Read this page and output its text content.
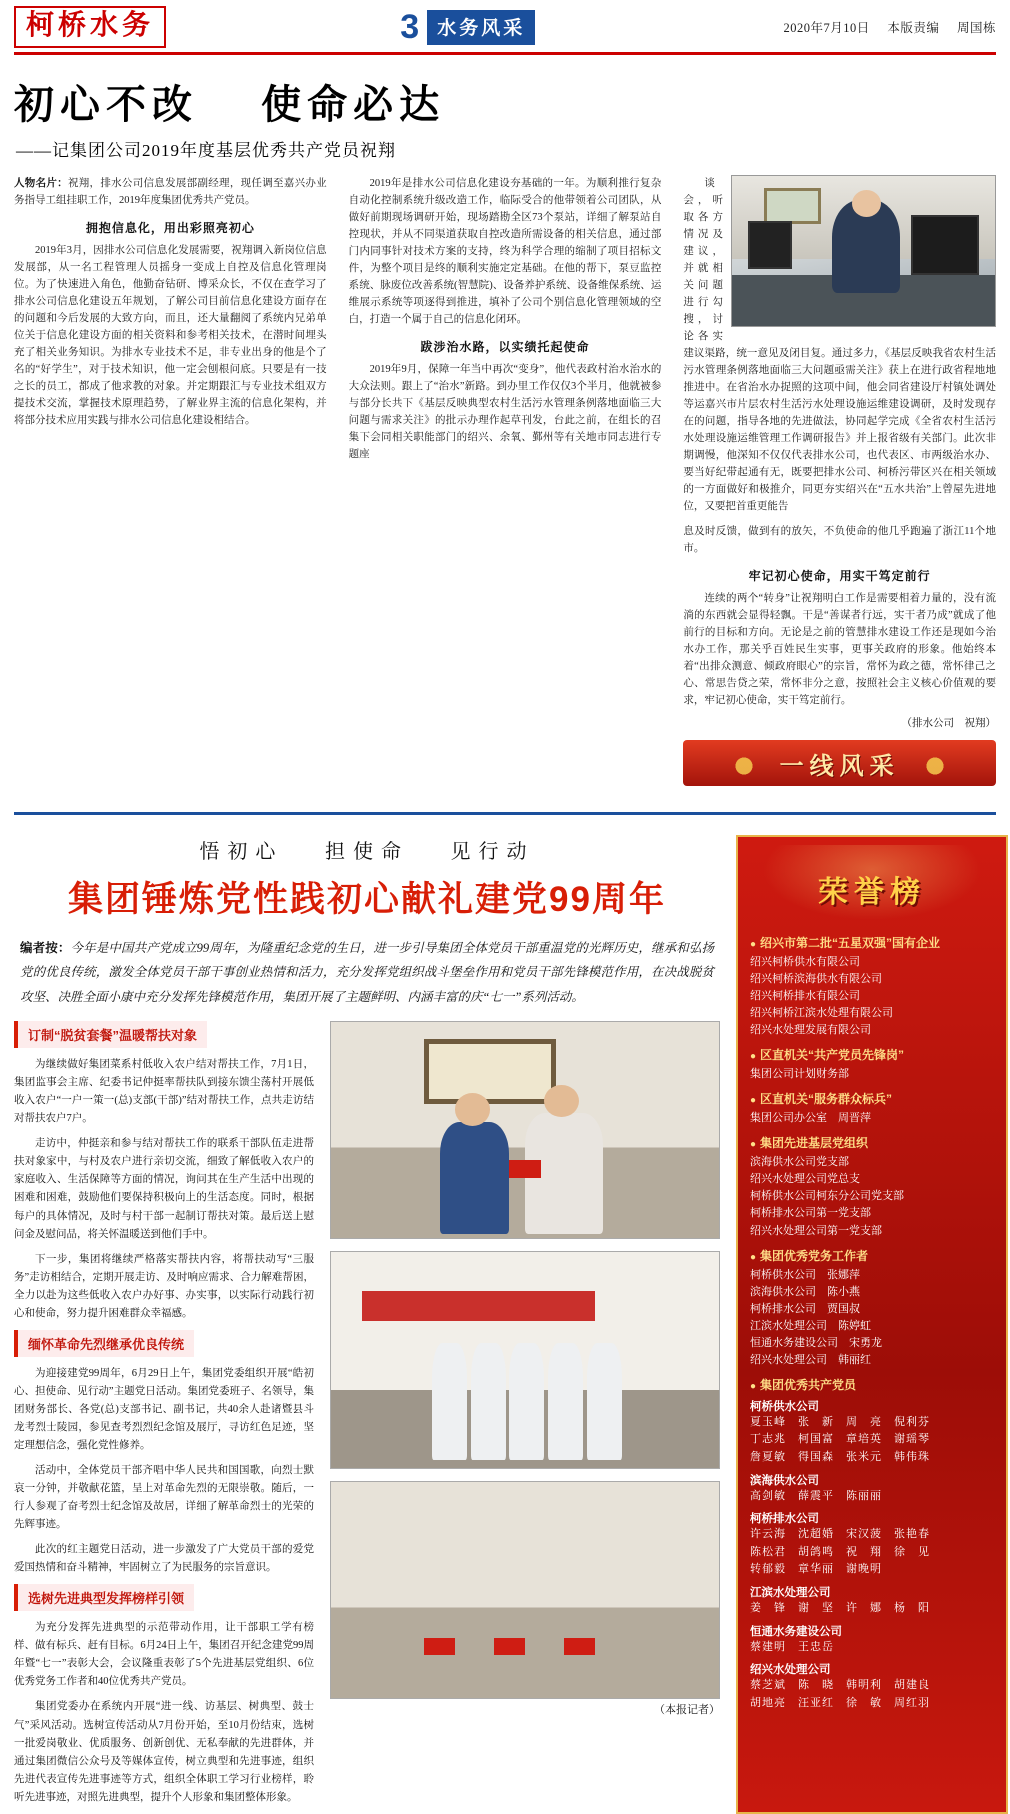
柯桥水务	3 水务风采	2020年7月10日 本版责编 周国栋
初心不改　 使命必达
——记集团公司2019年度基层优秀共产党员祝翔

人物名片：祝翔，排水公司信息发展部副经理，现任调至嘉兴办业务指导工组挂职工作，2019年度集团优秀共产党员。

拥抱信息化，用出彩照亮初心

2019年3月，因排水公司信息化发展需要，祝翔调入新岗位信息发展部，从一名工程管理人员摇身一变成上自控及信息化管理岗位。为了快速进入角色，他勤奋钻研、博采众长，不仅在查学习了排水公司信息化建设五年规划，了解公司目前信息化建设方面存在的问题和今后发展的大致方向，而且，还大量翻阅了系统内兄弟单位关于信息化建设方面的相关资料和参考相关技术，在潜时间埋头充了相关业务知识。为排水专业技术不足，非专业出身的他是个了名的“好学生”，对于技术知识，他一定会刨根问底。只要是有一技之长的员工，都成了他求教的对象。并定期跟汇与专业技术组双方提技术交流，掌握技术原理趋势，了解业界主流的信息化架构，并将部分技术应用实践与排水公司信息化建设相结合。

2019年是排水公司信息化建设夯基础的一年。为顺利推行复杂自动化控制系统升级改造工作，临际受合的他带领着公司团队，从做好前期现场调研开始，现场踏勘全区73个泵站，详细了解泵站自控现状，并从不同渠道获取自控改造所需设备的相关信息，通过部门内同事针对技术方案的支持，终为科学合理的缩制了项目招标文件，为整个项目是终的顺利实施定定基础。在他的帮下，泵豆监控系统、脉废位改善系统(智慧院)、设备养护系统、设备维保系统、运维展示系统等项逐得到推进，填补了公司个别信息化管理领域的空白，打造一个属于自己的信息化闭环。

跋涉治水路，以实绩托起使命

2019年9月，保障一年当中再次“变身”，他代表政村治水治水的大众法则。跟上了“治水”新路。到办里工作仅仅3个半月，他就被参与部分长共下《基层反映典型农村生活污水管理条例落地面临三大问题与需求关注》的批示办理作起草刊发，台此之前，在组长的召集下会同相关职能部门的绍兴、余氧、鄞州等有关地市同志进行专题座

谈会，听取各方情况及建议，并就相关问题进行勾搜，讨论各实建议渠路，统一意见及闭目复。通过多力，《基层反映我省农村生活污水管理条例落地面临三大问题亟需关注》获上在进行政省程地地推进中。在省治水办捉照的这项中间，他会同省建设厅村镇处调处等运嘉兴市片层农村生活污水处理设施运维建设调研，及时发现存在的问题，指导各地的先进做法，协同起学完成《全省农村生活污水处理设施运维管理工作调研报告》并上报省级有关部门。此次非期调慢，他深知不仅仅代表排水公司，也代表区、市两级治水办、要当好纪带起通有无，既要把排水公司、柯桥污带区兴在相关领域的一方面做好和极推介，同更夯实绍兴在“五水共治”上曾屋先进地位，又要把首重更能告

息及时反馈，做到有的放矢，不负使命的他几乎跑遍了浙江11个地市。

牢记初心使命，用实干笃定前行

连续的两个“转身”让祝翔明白工作是需要相着力量的，没有流淌的东西就会显得轻飘。干是“善谋者行远，实干者乃成”就成了他前行的目标和方向。无论是之前的管慧排水建设工作还是现如今治水办工作，那关乎百姓民生实事，更事关政府的形象。他始终本着“出排众测意、倾政府眼心”的宗旨，常怀为政之德，常怀律己之心、常思告贷之荣，常怀非分之意，按照社会主义核心价值观的要求，牢记初心使命，实干笃定前行。

（排水公司　祝翔）
一线风采
悟初心　 担使命　 见行动
集团锤炼党性践初心献礼建党99周年
编者按：今年是中国共产党成立99周年，为隆重纪念党的生日，进一步引导集团全体党员干部重温党的光辉历史，继承和弘扬党的优良传统，激发全体党员干部干事创业热情和活力，充分发挥党组织战斗堡垒作用和党员干部先锋模范作用，在决战脱贫攻坚、决胜全面小康中充分发挥先锋模范作用，集团开展了主题鲜明、内涵丰富的庆“七一”系列活动。
订制“脱贫套餐”温暖帮扶对象

为继续做好集团菜系村低收入农户结对帮扶工作，7月1日，集团监事会主席、纪委书记仲挺率帮扶队到接东馈尘荡村开展低收入农户“一户一策一(总)支部(干部)”结对帮扶工作，点共走访结对帮扶农户7户。

走访中，仲挺亲和参与结对帮扶工作的联系干部队伍走进帮扶对象家中，与村及农户进行亲切交流，细致了解低收入农户的家庭收入、生活保障等方面的情况，询问其在生产生活中出现的困难和困难，鼓励他们要保持积极向上的生活态度。同时，根据每户的具体情况，及时与村干部一起制订帮扶对策。最后送上慰问金及慰问品，将关怀温暖送到他们手中。

下一步，集团将继续严格落实帮扶内容，将帮扶动写“三服务”走访相结合，定期开展走访、及时响应需求、合力解难帮困，全力以赴为这些低收入农户办好事、办实事，以实际行动践行初心和使命，努力提升困难群众幸福感。

缅怀革命先烈继承优良传统

为迎接建党99周年，6月29日上午，集团党委组织开展“皓初心、担使命、见行动”主题党日活动。集团党委班子、名领导，集团财务部长、各党(总)支部书记、副书记，共40余人赴诸暨县斗龙考烈士陵园，参见查考烈烈纪念馆及展厅，寻访红色足迹，坚定理想信念，强化党性修养。

活动中，全体党员干部齐唱中华人民共和国国歌，向烈士默哀一分钟，并敬献花篮，呈上对革命先烈的无限崇敬。随后，一行人参观了奋考烈士纪念馆及故居，详细了解革命烈士的光荣的先辉事迹。

此次的红主题党日活动，进一步激发了广大党员干部的爱党爱国热情和奋斗精神，牢固树立了为民服务的宗旨意识。

选树先进典型发挥榜样引领

为充分发挥先进典型的示范带动作用，让干部职工学有榜样、做有标兵、赶有目标。6月24日上午，集团召开纪念建党99周年暨“七一”表彰大会，会议隆重表彰了5个先进基层党组织、6位优秀党务工作者和40位优秀共产党员。

集团党委办在系统内开展“进一线、访基层、树典型、鼓士气”采风活动。选树宣传活动从7月份开始，至10月份结束，选树一批爱岗敬业、优质服务、创新创优、无私奉献的先进群体，并通过集团微信公众号及等媒体宣传，树立典型和先进事迹，组织先进代表宣传先进事迹等方式，组织全体职工学习行业榜样，聆听先进事迹，对照先进典型，提升个人形象和集团整体形象。

（本报记者）
荣誉榜
● 绍兴市第二批“五星双强”国有企业
绍兴柯桥供水有限公司
绍兴柯桥滨海供水有限公司
绍兴柯桥排水有限公司
绍兴柯桥江滨水处理有限公司
绍兴水处理发展有限公司
● 区直机关“共产党员先锋岗”
集团公司计划财务部
● 区直机关“服务群众标兵”
集团公司办公室　周晋萍
● 集团先进基层党组织
滨海供水公司党支部
绍兴水处理公司党总支
柯桥供水公司柯东分公司党支部
柯桥排水公司第一党支部
绍兴水处理公司第一党支部
● 集团优秀党务工作者
柯桥供水公司　张娜萍
滨海供水公司　陈小燕
柯桥排水公司　贾国叔
江滨水处理公司　陈婷虹
恒通水务建设公司　宋勇龙
绍兴水处理公司　韩丽红
● 集团优秀共产党员
柯桥供水公司
夏玉峰　张　新　周　亮　倪利芬
丁志兆　柯国富　章培英　谢瑶琴
詹夏敏　得国森　张米元　韩伟珠
滨海供水公司
高剑敏　薛震平　陈丽丽
柯桥排水公司
许云海　沈超婚　宋汉菠　张艳春
陈松君　胡鸽鸣　祝　翔　徐　见
转郁毅　章华丽　谢晚明
江滨水处理公司
姜　锋　谢　坚　许　娜　杨　阳
恒通水务建设公司
蔡建明　王忠岳
绍兴水处理公司
蔡芝斌　陈　晓　韩明利　胡建良
胡地亮　汪亚红　徐　敏　周红羽
